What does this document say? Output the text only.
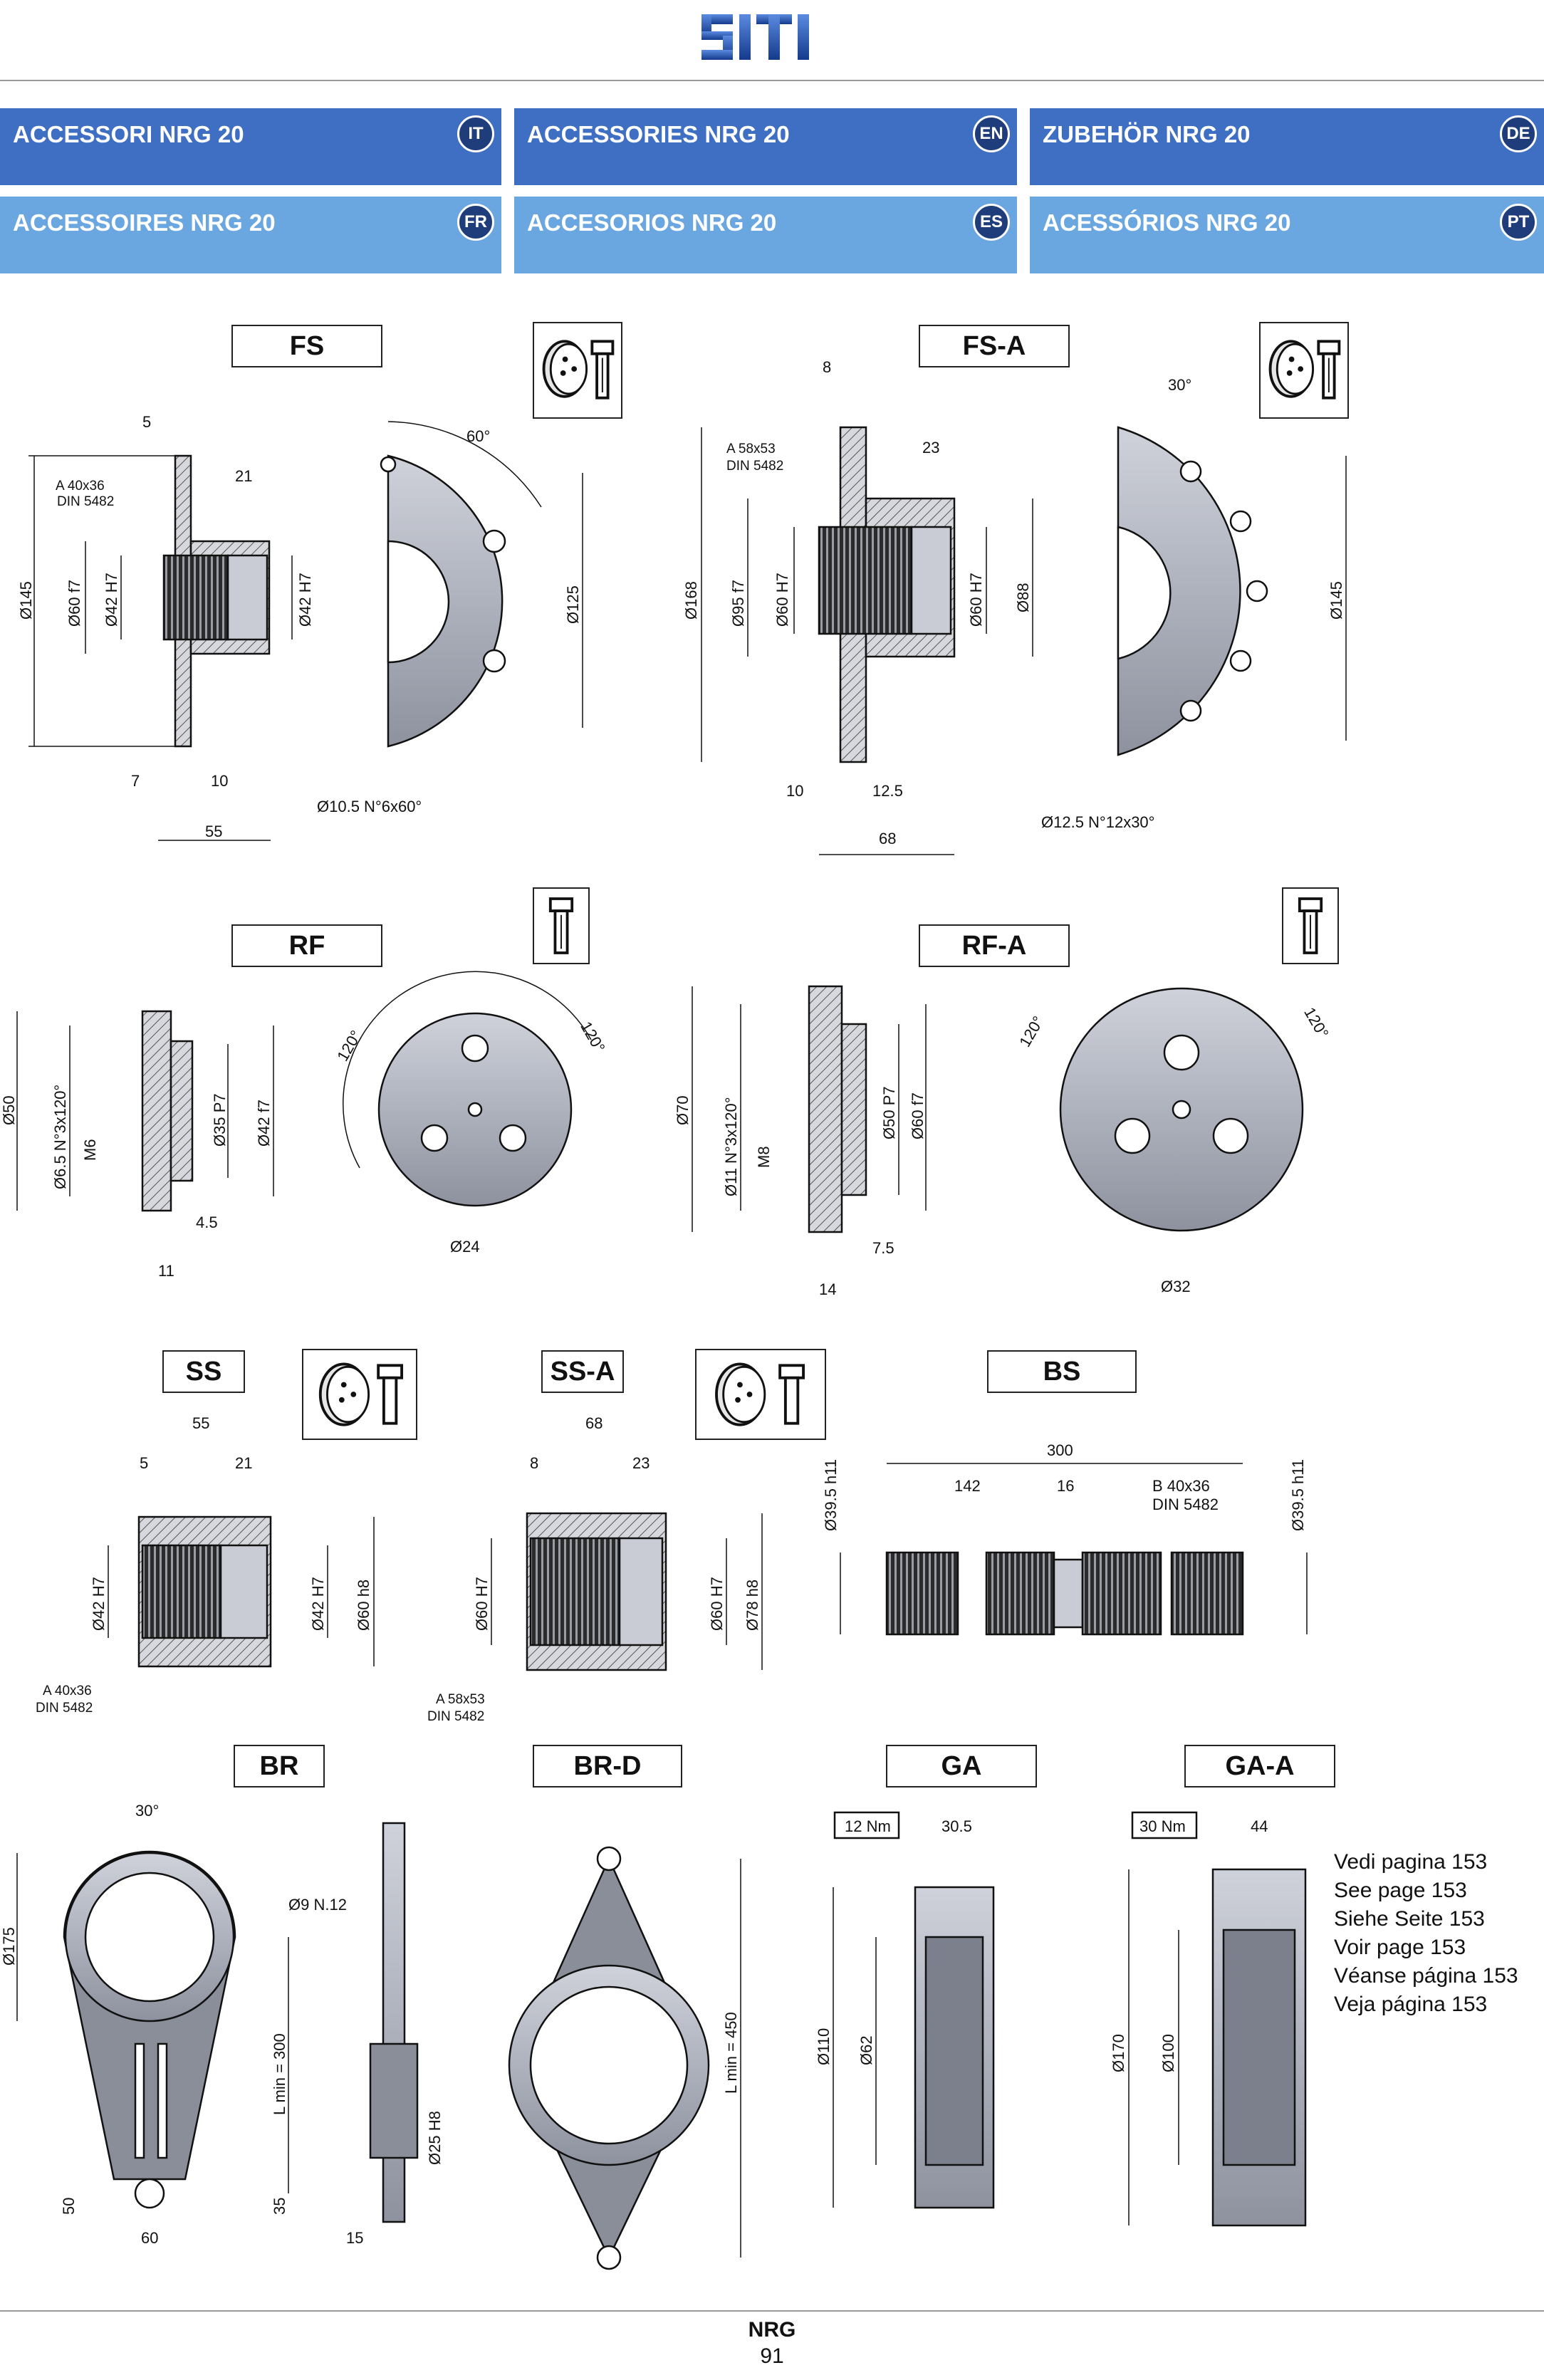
ACCESSORI NRG 20	IT	ACCESSORIES NRG 20	EN ZUBEHÖR NRG 20	DE
ACCESSOIRES NRG 20	FR	ACCESORIOS NRG 20	ES	ACESSÓRIOS NRG 20	PT
FS	FS-A
RF	RF-A
SS	SS-A	BS
BR	BR-D	GA	GA-A
5
21
A 40x36
DIN 5482
Ø145 Ø60 f7 Ø42 H7	Ø42 H7
7	10
55
60°
Ø125
Ø10.5 N°6x60°
8
23
A 58x53
DIN 5482
Ø168 Ø95 f7 Ø60 H7	Ø60 H7 Ø88
10	12.5
68
30°
Ø145
Ø12.5 N°12x30°
Ø50 Ø6.5 N°3x120° M6
Ø35 P7 Ø42 f7
4.5
11
120°	120°
Ø24
Ø70 Ø11 N°3x120° M8
Ø50 P7 Ø60 f7
7.5
14
120°	120°
Ø32
55
5	21
Ø42 H7	Ø42 H7 Ø60 h8
A 40x36
DIN 5482
68
8	23
Ø60 H7	Ø60 H7 Ø78 h8
A 58x53
DIN 5482
300
142	16	B 40x36
DIN 5482
Ø39.5 h11	Ø39.5 h11
30°
Ø9 N.12
Ø175
L min = 300
Ø25 H8
50	35
60	15
L min = 450
12 Nm	30.5
Ø110 Ø62
30 Nm	44
Ø170 Ø100
Vedi pagina 153
See page 153
Siehe Seite 153
Voir page 153
Véanse página 153
Veja página 153
NRG
91
